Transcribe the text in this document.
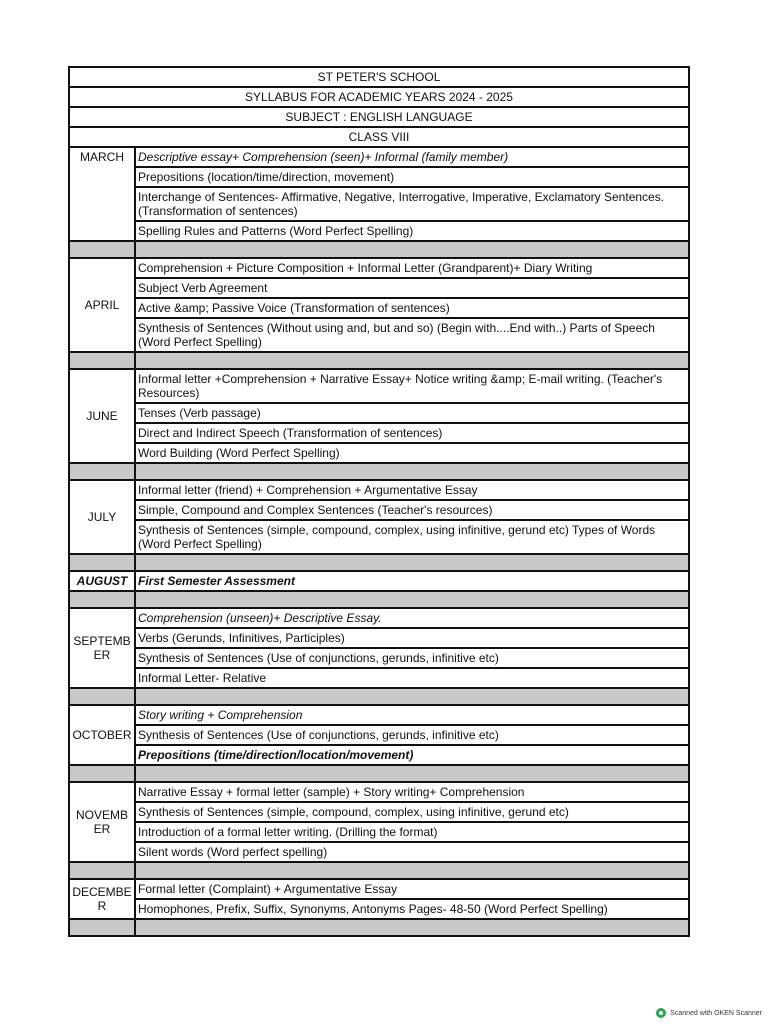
ST PETER'S SCHOOL	
SYLLABUS FOR ACADEMIC YEARS 2024 - 2025	
SUBJECT : ENGLISH LANGUAGE	
CLASS VIII	
MARCH	Descriptive essay+ Comprehension (seen)+ Informal (family member)
	Prepositions (location/time/direction, movement)
	Interchange of Sentences- Affirmative, Negative, Interrogative, Imperative, Exclamatory Sentences. (Transformation of sentences)
	Spelling Rules and Patterns (Word Perfect Spelling)

APRIL	Comprehension + Picture Composition + Informal Letter (Grandparent)+ Diary Writing
	Subject Verb Agreement
	Active &amp; Passive Voice (Transformation of sentences)
	Synthesis of Sentences (Without using and, but and so) (Begin with....End with..) Parts of Speech (Word Perfect Spelling)

JUNE	Informal letter +Comprehension + Narrative Essay+ Notice writing &amp; E-mail writing. (Teacher's Resources)
	Tenses (Verb passage)
	Direct and Indirect Speech (Transformation of sentences)
	Word Building (Word Perfect Spelling)

JULY	Informal letter (friend) + Comprehension + Argumentative Essay
	Simple, Compound and Complex Sentences (Teacher's resources)
	Synthesis of Sentences (simple, compound, complex, using infinitive, gerund etc) Types of Words (Word Perfect Spelling)

AUGUST	First Semester Assessment

SEPTEMB ER	Comprehension (unseen)+ Descriptive Essay.
	Verbs (Gerunds, Infinitives, Participles)
	Synthesis of Sentences (Use of conjunctions, gerunds, infinitive etc)
	Informal Letter- Relative

OCTOBER	Story writing + Comprehension
	Synthesis of Sentences (Use of conjunctions, gerunds, infinitive etc)
	Prepositions (time/direction/location/movement)

NOVEMB ER	Narrative Essay + formal letter (sample) + Story writing+ Comprehension
	Synthesis of Sentences (simple, compound, complex, using infinitive, gerund etc)
	Introduction of a formal letter writing. (Drilling the format)
	Silent words (Word perfect spelling)

DECEMBE R	Formal letter (Complaint) + Argumentative Essay
	Homophones, Prefix, Suffix, Synonyms, Antonyms Pages- 48-50 (Word Perfect Spelling)

Scanned with OKEN Scanner
